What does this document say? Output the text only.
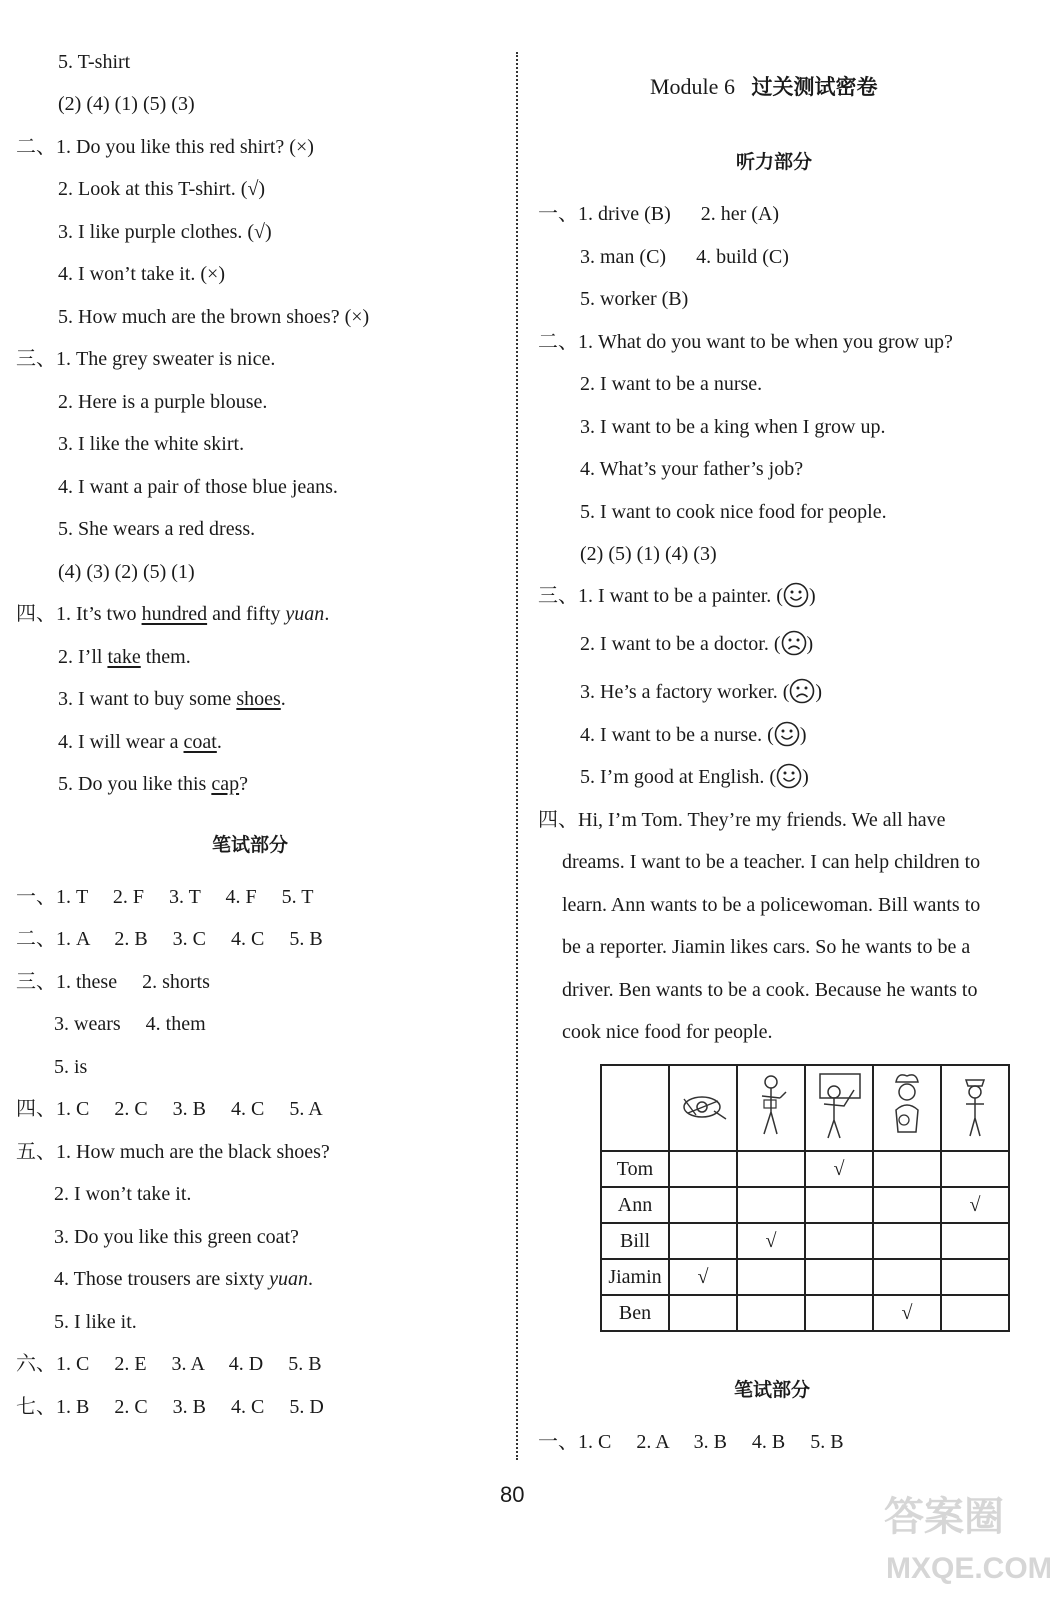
5. T-shirt
(2) (4) (1) (5) (3)
二、1. Do you like this red shirt? (×)
2. Look at this T-shirt. (√)
3. I like purple clothes. (√)
4. I won’t take it. (×)
5. How much are the brown shoes? (×)
三、1. The grey sweater is nice.
2. Here is a purple blouse.
3. I like the white skirt.
4. I want a pair of those blue jeans.
5. She wears a red dress.
(4) (3) (2) (5) (1)
四、1. It’s two hundred and fifty yuan.
2. I’ll take them.
3. I want to buy some shoes.
4. I will wear a coat.
5. Do you like this cap?
笔试部分
一、1. T     2. F     3. T     4. F     5. T
二、1. A     2. B     3. C     4. C     5. B
三、1. these     2. shorts
3. wears     4. them
5. is
四、1. C     2. C     3. B     4. C     5. A
五、1. How much are the black shoes?
2. I won’t take it.
3. Do you like this green coat?
4. Those trousers are sixty yuan.
5. I like it.
六、1. C     2. E     3. A     4. D     5. B
七、1. B     2. C     3. B     4. C     5. D
Module 6 过关测试密卷
听力部分
一、1. drive (B)      2. her (A)
3. man (C)      4. build (C)
5. worker (B)
二、1. What do you want to be when you grow up?
2. I want to be a nurse.
3. I want to be a king when I grow up.
4. What’s your father’s job?
5. I want to cook nice food for people.
(2) (5) (1) (4) (3)
三、1. I want to be a painter. ( )
2. I want to be a doctor. ( )
3. He’s a factory worker. ( )
4. I want to be a nurse. ( )
5. I’m good at English. ( )
四、Hi, I’m Tom. They’re my friends. We all have
dreams. I want to be a teacher. I can help children to
learn. Ann wants to be a policewoman. Bill wants to
be a reporter. Jiamin likes cars. So he wants to be a
driver. Ben wants to be a cook. Because he wants to
cook nice food for people.

Tom			√		
Ann					√
Bill		√			
Jiamin	√				
Ben				√	
笔试部分
一、1. C     2. A     3. B     4. B     5. B
80	答案圈
MXQE.COM
